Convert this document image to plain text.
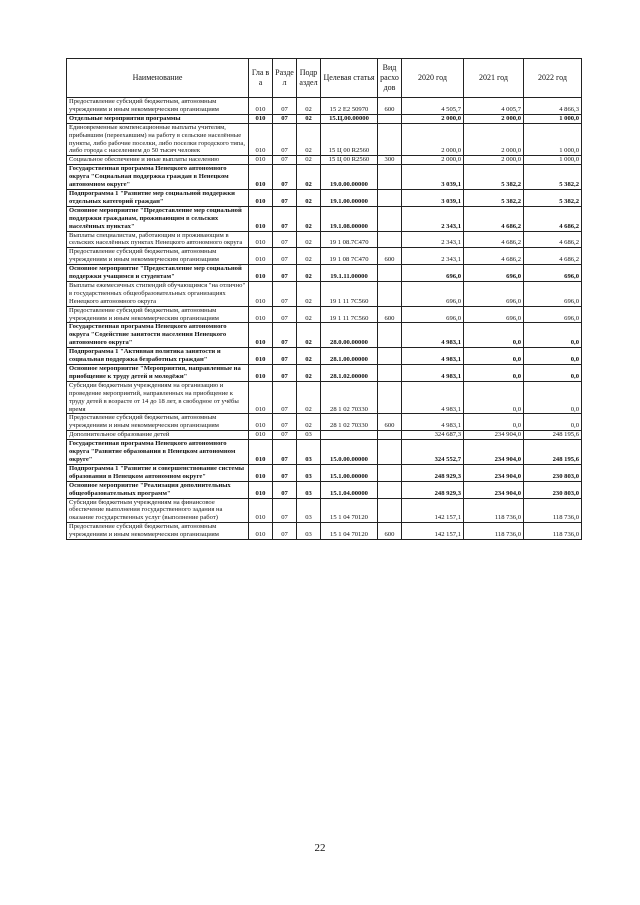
Наименование	Гла в а	Разде л	Подр аздел	Целевая статья	Вид расхо дов	2020 год	2021 год	2022 год
Предоставление субсидий бюджетным, автономным учреждениям и иным некоммерческим организациям	010	07	02	15 2 Е2 50970	600	4 505,7	4 005,7	4 866,3
Отдельные мероприятия программы	010	07	02	15.Ц.00.00000		2 000,0	2 000,0	1 000,0
Единовременные компенсационные выплаты учителям, прибывшим (переехавшим) на работу в сельские населённые пункты, либо рабочие поселки, либо поселки городского типа, либо города с населением до 50 тысяч человек	010	07	02	15 Ц 00 R2560		2 000,0	2 000,0	1 000,0
Социальное обеспечение и иные выплаты населению	010	07	02	15 Ц 00 R2560	300	2 000,0	2 000,0	1 000,0
Государственная программа Ненецкого автономного округа "Социальная поддержка граждан в Ненецком автономном округе"	010	07	02	19.0.00.00000		3 039,1	5 382,2	5 382,2
Подпрограмма 1 "Развитие мер социальной поддержки отдельных категорий граждан"	010	07	02	19.1.00.00000		3 039,1	5 382,2	5 382,2
Основное мероприятие "Предоставление мер социальной поддержки гражданам, проживающим в сельских населённых пунктах"	010	07	02	19.1.08.00000		2 343,1	4 686,2	4 686,2
Выплаты специалистам, работающим и проживающим в сельских населённых пунктах Ненецкого автономного округа	010	07	02	19 1 08.7С470		2 343,1	4 686,2	4 686,2
Предоставление субсидий бюджетным, автономным учреждениям и иным некоммерческим организациям	010	07	02	19 1 08 7С470	600	2 343,1	4 686,2	4 686,2
Основное мероприятие "Предоставление мер социальной поддержки учащимся и студентам"	010	07	02	19.1.11.00000		696,0	696,0	696,0
Выплаты ежемесячных стипендий обучающимся "на отлично" в государственных общеобразовательных организациях Ненецкого автономного округа	010	07	02	19 1 11 7С560		696,0	696,0	696,0
Предоставление субсидий бюджетным, автономным учреждениям и иным некоммерческим организациям	010	07	02	19 1 11 7С560	600	696,0	696,0	696,0
Государственная программа Ненецкого автономного округа "Содействие занятости населения Ненецкого автономного округа"	010	07	02	28.0.00.00000		4 983,1	0,0	0,0
Подпрограмма 1 "Активная политика занятости и социальная поддержка безработных граждан"	010	07	02	28.1.00.00000		4 983,1	0,0	0,0
Основное мероприятие "Мероприятия, направленные на приобщение к труду детей и молодёжи"	010	07	02	28.1.02.00000		4 983,1	0,0	0,0
Субсидии бюджетным учреждениям на организацию и проведение мероприятий, направленных на приобщение к труду детей в возрасте от 14 до 18 лет, в свободное от учёбы время	010	07	02	28 1 02 70330		4 983,1	0,0	0,0
Предоставление субсидий бюджетным, автономным учреждениям и иным некоммерческим организациям	010	07	02	28 1 02 70330	600	4 983,1	0,0	0,0
Дополнительное образование детей	010	07	03			324 687,3	234 904,0	248 195,6
Государственная программа Ненецкого автономного округа "Развитие образования в Ненецком автономном округе"	010	07	03	15.0.00.00000		324 552,7	234 904,0	248 195,6
Подпрограмма 1 "Развитие и совершенствование системы образования в Ненецком автономном округе"	010	07	03	15.1.00.00000		248 929,3	234 904,0	230 803,0
Основное мероприятие "Реализация дополнительных общеобразовательных программ"	010	07	03	15.1.04.00000		248 929,3	234 904,0	230 803,0
Субсидии бюджетным учреждениям на финансовое обеспечение выполнения государственного задания на оказание государственных услуг (выполнение работ)	010	07	03	15 1 04 70120		142 157,1	118 736,0	118 736,0
Предоставление субсидий бюджетным, автономным учреждениям и иным некоммерческим организациям	010	07	03	15 1 04 70120	600	142 157,1	118 736,0	118 736,0
22
